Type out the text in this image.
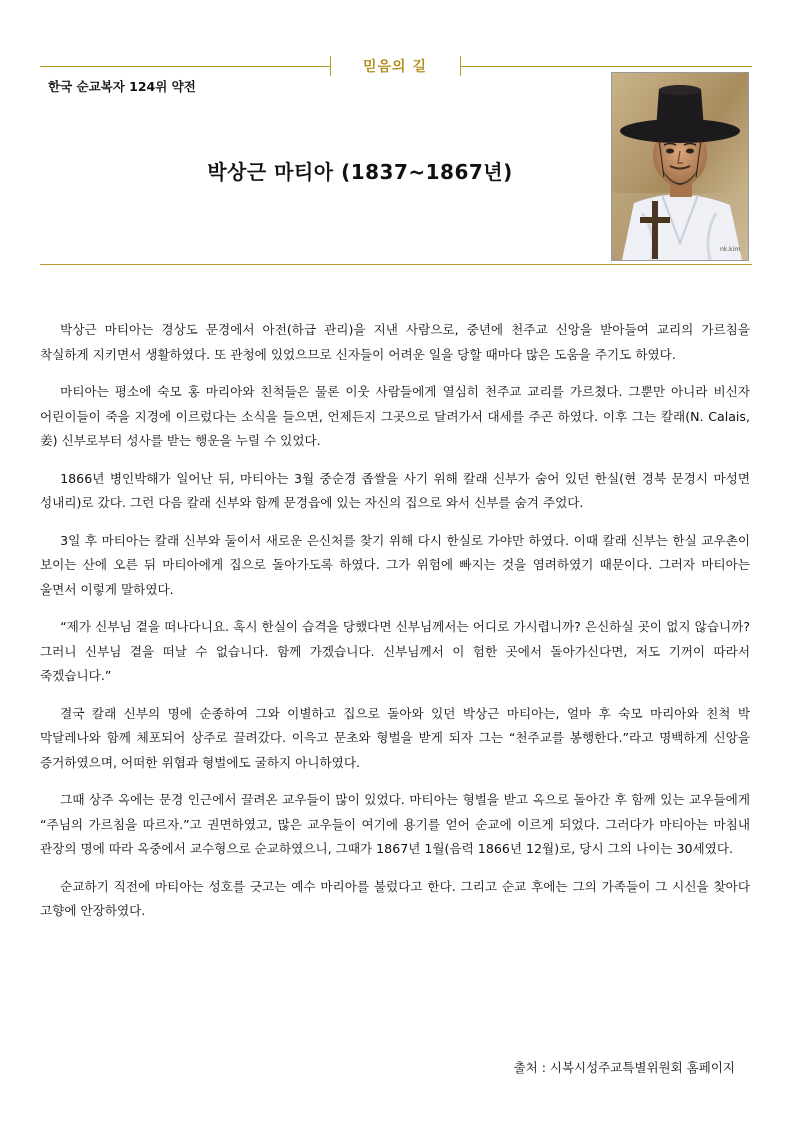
믿음의 길
한국 순교복자 124위 약전
박상근 마티아 (1837~1867년)
nk.kim

박상근 마티아는 경상도 문경에서 아전(하급 관리)을 지낸 사람으로, 중년에 천주교 신앙을 받아들여 교리의 가르침을 착실하게 지키면서 생활하였다. 또 관청에 있었으므로 신자들이 어려운 일을 당할 때마다 많은 도움을 주기도 하였다.

마티아는 평소에 숙모 홍 마리아와 친척들은 물론 이웃 사람들에게 열심히 천주교 교리를 가르쳤다. 그뿐만 아니라 비신자 어린이들이 죽을 지경에 이르렀다는 소식을 들으면, 언제든지 그곳으로 달려가서 대세를 주곤 하였다. 이후 그는 칼래(N. Calais, 姜) 신부로부터 성사를 받는 행운을 누릴 수 있었다.

1866년 병인박해가 일어난 뒤, 마티아는 3월 중순경 좁쌀을 사기 위해 칼래 신부가 숨어 있던 한실(현 경북 문경시 마성면 성내리)로 갔다. 그런 다음 칼래 신부와 함께 문경읍에 있는 자신의 집으로 와서 신부를 숨겨 주었다.

3일 후 마티아는 칼래 신부와 둘이서 새로운 은신처를 찾기 위해 다시 한실로 가야만 하였다. 이때 칼래 신부는 한실 교우촌이 보이는 산에 오른 뒤 마티아에게 집으로 돌아가도록 하였다. 그가 위험에 빠지는 것을 염려하였기 때문이다. 그러자 마티아는 울면서 이렇게 말하였다.

“제가 신부님 곁을 떠나다니요. 혹시 한실이 습격을 당했다면 신부님께서는 어디로 가시렵니까? 은신하실 곳이 없지 않습니까? 그러니 신부님 곁을 떠날 수 없습니다. 함께 가겠습니다. 신부님께서 이 험한 곳에서 돌아가신다면, 저도 기꺼이 따라서 죽겠습니다.”

결국 칼래 신부의 명에 순종하여 그와 이별하고 집으로 돌아와 있던 박상근 마티아는, 얼마 후 숙모 마리아와 친척 박 막달레나와 함께 체포되어 상주로 끌려갔다. 이윽고 문초와 형벌을 받게 되자 그는 “천주교를 봉행한다.”라고 명백하게 신앙을 증거하였으며, 어떠한 위협과 형벌에도 굴하지 아니하였다.

그때 상주 옥에는 문경 인근에서 끌려온 교우들이 많이 있었다. 마티아는 형벌을 받고 옥으로 돌아간 후 함께 있는 교우들에게 “주님의 가르침을 따르자.”고 권면하였고, 많은 교우들이 여기에 용기를 얻어 순교에 이르게 되었다. 그러다가 마티아는 마침내 관장의 명에 따라 옥중에서 교수형으로 순교하였으니, 그때가 1867년 1월(음력 1866년 12월)로, 당시 그의 나이는 30세였다.

순교하기 직전에 마티아는 성호를 긋고는 예수 마리아를 불렀다고 한다. 그리고 순교 후에는 그의 가족들이 그 시신을 찾아다 고향에 안장하였다.

출처 : 시복시성주교특별위원회 홈페이지
